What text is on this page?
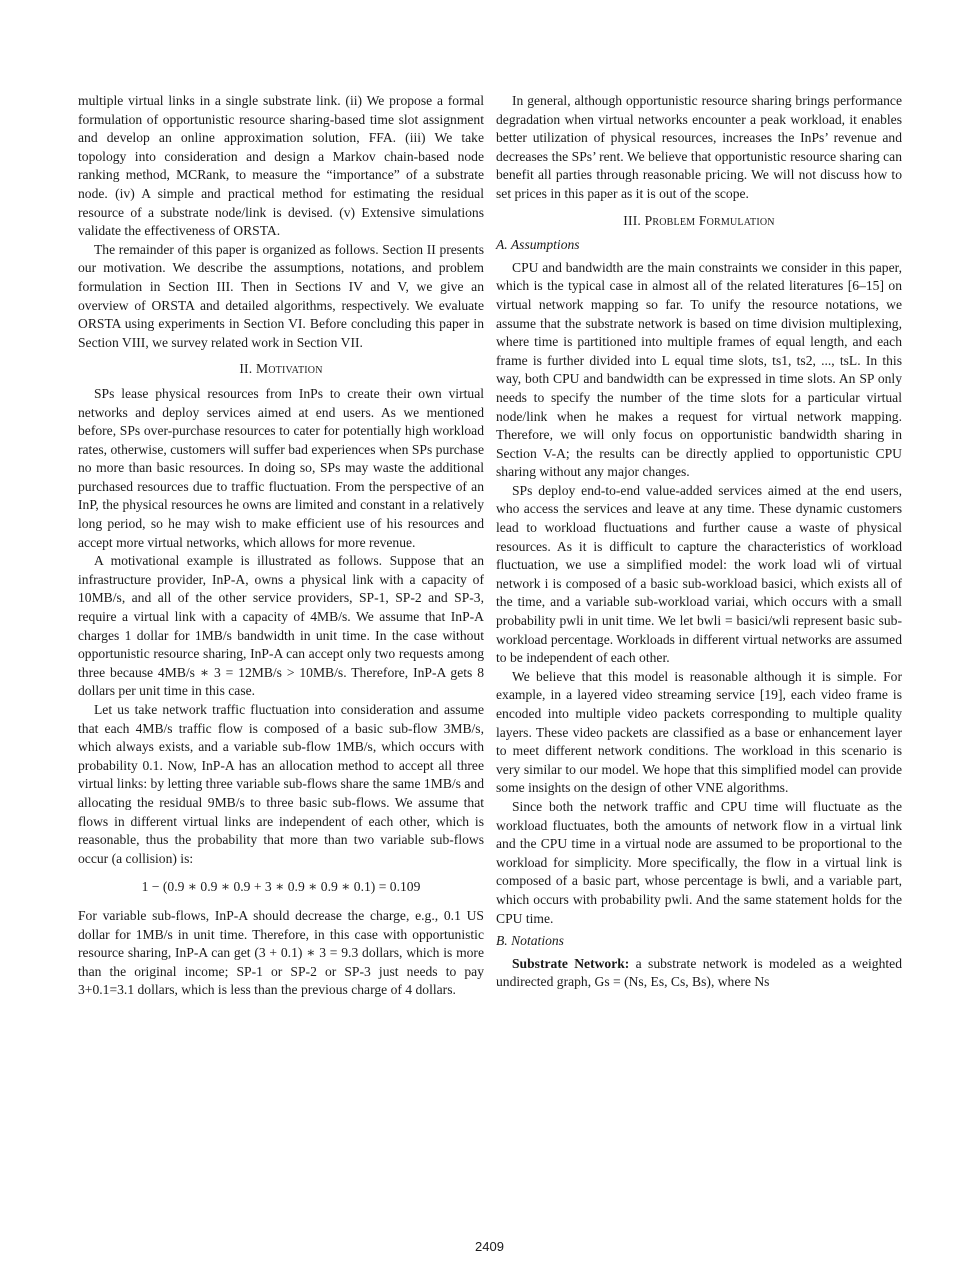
multiple virtual links in a single substrate link. (ii) We propose a formal formulation of opportunistic resource sharing-based time slot assignment and develop an online approximation solution, FFA. (iii) We take topology into consideration and design a Markov chain-based node ranking method, MCRank, to measure the “importance” of a substrate node. (iv) A simple and practical method for estimating the residual resource of a substrate node/link is devised. (v) Extensive simulations validate the effectiveness of ORSTA.

The remainder of this paper is organized as follows. Section II presents our motivation. We describe the assumptions, notations, and problem formulation in Section III. Then in Sections IV and V, we give an overview of ORSTA and detailed algorithms, respectively. We evaluate ORSTA using experiments in Section VI. Before concluding this paper in Section VIII, we survey related work in Section VII.

II. Motivation

SPs lease physical resources from InPs to create their own virtual networks and deploy services aimed at end users. As we mentioned before, SPs over-purchase resources to cater for potentially high workload rates, otherwise, customers will suffer bad experiences when SPs purchase no more than basic resources. In doing so, SPs may waste the additional purchased resources due to traffic fluctuation. From the perspective of an InP, the physical resources he owns are limited and constant in a relatively long period, so he may wish to make efficient use of his resources and accept more virtual networks, which allows for more revenue.

A motivational example is illustrated as follows. Suppose that an infrastructure provider, InP-A, owns a physical link with a capacity of 10MB/s, and all of the other service providers, SP-1, SP-2 and SP-3, require a virtual link with a capacity of 4MB/s. We assume that InP-A charges 1 dollar for 1MB/s bandwidth in unit time. In the case without opportunistic resource sharing, InP-A can accept only two requests among three because 4MB/s ∗ 3 = 12MB/s > 10MB/s. Therefore, InP-A gets 8 dollars per unit time in this case.

Let us take network traffic fluctuation into consideration and assume that each 4MB/s traffic flow is composed of a basic sub-flow 3MB/s, which always exists, and a variable sub-flow 1MB/s, which occurs with probability 0.1. Now, InP-A has an allocation method to accept all three virtual links: by letting three variable sub-flows share the same 1MB/s and allocating the residual 9MB/s to three basic sub-flows. We assume that flows in different virtual links are independent of each other, which is reasonable, thus the probability that more than two variable sub-flows occur (a collision) is:

1 − (0.9 ∗ 0.9 ∗ 0.9 + 3 ∗ 0.9 ∗ 0.9 ∗ 0.1) = 0.109

For variable sub-flows, InP-A should decrease the charge, e.g., 0.1 US dollar for 1MB/s in unit time. Therefore, in this case with opportunistic resource sharing, InP-A can get (3 + 0.1) ∗ 3 = 9.3 dollars, which is more than the original income; SP-1 or SP-2 or SP-3 just needs to pay 3+0.1=3.1 dollars, which is less than the previous charge of 4 dollars.

In general, although opportunistic resource sharing brings performance degradation when virtual networks encounter a peak workload, it enables better utilization of physical resources, increases the InPs’ revenue and decreases the SPs’ rent. We believe that opportunistic resource sharing can benefit all parties through reasonable pricing. We will not discuss how to set prices in this paper as it is out of the scope.

III. Problem Formulation
A. Assumptions

CPU and bandwidth are the main constraints we consider in this paper, which is the typical case in almost all of the related literatures [6–15] on virtual network mapping so far. To unify the resource notations, we assume that the substrate network is based on time division multiplexing, where time is partitioned into multiple frames of equal length, and each frame is further divided into L equal time slots, ts1, ts2, ..., tsL. In this way, both CPU and bandwidth can be expressed in time slots. An SP only needs to specify the number of the time slots for a particular virtual node/link when he makes a request for virtual network mapping. Therefore, we will only focus on opportunistic bandwidth sharing in Section V-A; the results can be directly applied to opportunistic CPU sharing without any major changes.

SPs deploy end-to-end value-added services aimed at the end users, who access the services and leave at any time. These dynamic customers lead to workload fluctuations and further cause a waste of physical resources. As it is difficult to capture the characteristics of workload fluctuation, we use a simplified model: the work load wli of virtual network i is composed of a basic sub-workload basici, which exists all of the time, and a variable sub-workload variai, which occurs with a small probability pwli in unit time. We let bwli = basici/wli represent basic sub-workload percentage. Workloads in different virtual networks are assumed to be independent of each other.

We believe that this model is reasonable although it is simple. For example, in a layered video streaming service [19], each video frame is encoded into multiple video packets corresponding to multiple quality layers. These video packets are classified as a base or enhancement layer to meet different network conditions. The workload in this scenario is very similar to our model. We hope that this simplified model can provide some insights on the design of other VNE algorithms.

Since both the network traffic and CPU time will fluctuate as the workload fluctuates, both the amounts of network flow in a virtual link and the CPU time in a virtual node are assumed to be proportional to the workload for simplicity. More specifically, the flow in a virtual link is composed of a basic part, whose percentage is bwli, and a variable part, which occurs with probability pwli. And the same statement holds for the CPU time.

B. Notations

Substrate Network: a substrate network is modeled as a weighted undirected graph, Gs = (Ns, Es, Cs, Bs), where Ns

2409
